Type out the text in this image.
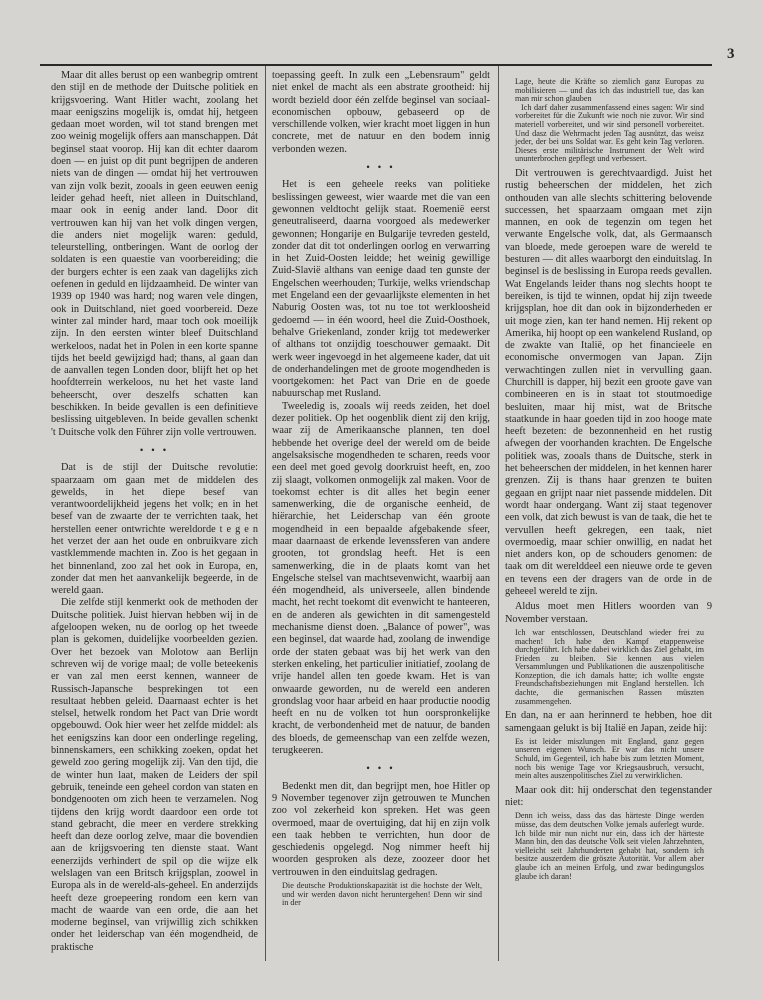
3

Maar dit alles berust op een wanbegrip omtrent den stijl en de methode der Duitsche politiek en krijgsvoering. Want Hitler wacht, zoolang het maar eenigszins mogelijk is, omdat hij, hetgeen gedaan moet worden, wil tot stand brengen met zoo weinig mogelijk offers aan manschappen. Dát beginsel staat voorop. Hij kan dit echter daarom doen — en juist op dit punt begrijpen de anderen niets van de dingen — omdat hij het vertrouwen van zijn volk bezit, zooals in geen eeuwen eenig leider gehad heeft, niet alleen in Duitschland, maar ook in eenig ander land. Door dit vertrouwen kan hij van het volk dingen vergen, die anders niet mogelijk waren: geduld, teleurstelling, ontberingen. Want de oorlog der soldaten is een quaestie van voorbereiding; die der burgers echter is een zaak van dagelijks zich oefenen in geduld en lijdzaamheid. De winter van 1939 op 1940 was hard; nog waren vele dingen, ook in Duitschland, niet goed voorbereid. Deze winter zal minder hard, maar toch ook moeilijk zijn. In den eersten winter bleef Duitschland werkeloos, nadat het in Polen in een korte spanne tijds het beeld gewijzigd had; thans, al gaan dan de aanvallen tegen Londen door, blijft het op het hoofdterrein werkeloos, nu het het vaste land beheerscht, over deszelfs schatten kan beschikken. In beide gevallen is een definitieve beslissing uitgebleven. In beide gevallen schenkt 't Duitsche volk den Führer zijn volle vertrouwen.

• • •

Dat is de stijl der Duitsche revolutie: spaarzaam om gaan met de middelen des gewelds, in het diepe besef van verantwoordelijkheid jegens het volk; en in het besef van de zwaarte der te verrichten taak, het herstellen eener ontwrichte wereldorde t e g e n het verzet der aan het oude en onbruikvare zich vastklemmende machten in. Zoo is het gegaan in het binnenland, zoo zal het ook in Europa, en, zonder dat men het aanvankelijk begeerde, in de wereld gaan.

Die zelfde stijl kenmerkt ook de methoden der Duitsche politiek. Juist hiervan hebben wij in de afgeloopen weken, nu de oorlog op het tweede plan is gekomen, duidelijke voorbeelden gezien. Over het bezoek van Molotow aan Berlijn schreven wij de vorige maal; de volle beteekenis er van zal men eerst kennen, wanneer de Russisch-Japansche besprekingen tot een resultaat hebben geleid. Daarnaast echter is het stelsel, hetwelk rondom het Pact van Drie wordt opgebouwd. Ook hier weer het zelfde middel: als het eenigszins kan door een onderlinge regeling, binnenskamers, een schikking zoeken, opdat het geweld zoo gering mogelijk zij. Van den tijd, die de winter hun laat, maken de Leiders der spil gebruik, teneinde een geheel cordon van staten en bondgenooten om zich heen te verzamelen. Nog tijdens den krijg wordt daardoor een orde tot stand gebracht, die meer en verdere strekking heeft dan deze oorlog zelve, maar die bovendien aan de krijgsvoering ten dienste staat. Want eenerzijds verhindert de spil op die wijze elk welslagen van een Britsch krijgsplan, zoowel in Europa als in de wereld-als-geheel. En anderzijds heeft deze groepeering rondom een kern van macht de waarde van een orde, die aan het moderne beginsel, van vrijwillig zich schikken onder het leiderschap van één mogendheid, de praktische

toepassing geeft. In zulk een „Lebensraum" geldt niet enkel de macht als een abstrate grootheid: hij wordt bezield door één zelfde beginsel van sociaal-economischen opbouw, gebaseerd op de verschillende volken, wier kracht moet liggen in hun concrete, met de natuur en den bodem innig verbonden wezen.

• • •

Het is een geheele reeks van politieke beslissingen geweest, wier waarde met die van een gewonnen veldtocht gelijk staat. Roemenië eerst geneutraliseerd, daarna voorgoed als medewerker gewonnen; Hongarije en Bulgarije tevreden gesteld, zonder dat dit tot onderlingen oorlog en verwarring in het Zuid-Oosten leidde; het weinig gewillige Zuid-Slavië althans van eenige daad ten gunste der Engelschen weerhouden; Turkije, welks vriendschap met Engeland een der gevaarlijkste elementen in het Naburig Oosten was, tot nu toe tot werkloosheid gedoemd — in één woord, heel die Zuid-Oosthoek, behalve Griekenland, zonder krijg tot medewerker of althans tot onzijdig toeschouwer gemaakt. Dit werk weer ingevoegd in het algemeene kader, dat uit de onderhandelingen met de groote mogendheden is voortgekomen: het Pact van Drie en de goede nabuurschap met Rusland.

Tweeledig is, zooals wij reeds zeiden, het doel dezer politiek. Op het oogenblik dient zij den krijg, waar zij de Amerikaansche plannen, ten doel hebbende het overige deel der wereld om de beide angelsaksische mogendheden te scharen, reeds voor een deel met goed gevolg doorkruist heeft, en, zoo zij slaagt, volkomen onmogelijk zal maken. Voor de toekomst echter is dit alles het begin eener samenwerking, die de organische eenheid, de hiërarchie, het Leiderschap van één groote mogendheid in een bepaalde afgebakende sfeer, maar daarnaast de erkende levenssferen van andere grooten, tot grondslag heeft. Het is een samenwerking, die in de plaats komt van het Engelsche stelsel van machtsevenwicht, waarbij aan één mogendheid, als universeele, allen bindende macht, het recht toekomt dit evenwicht te hanteeren, en de anderen als gewichten in dit samengesteld mechanisme dienst doen. „Balance of power", was een beginsel, dat waarde had, zoolang de inwendige orde der staten gebaat was bij het werk van den sterken enkeling, het particulier initiatief, zoolang de vrije handel allen ten goede kwam. Het is van onwaarde geworden, nu de wereld een anderen grondslag voor haar arbeid en haar productie noodig heeft en nu de volken tot hun oorspronkelijke kracht, de verbondenheid met de natuur, de banden des bloeds, de gemeenschap van een zelfde wezen, terugkeeren.

• • •

Bedenkt men dit, dan begrijpt men, hoe Hitler op 9 November tegenover zijn getrouwen te Munchen zoo vol zekerheid kon spreken. Het was geen overmoed, maar de overtuiging, dat hij en zijn volk een taak hebben te verrichten, hun door de geschiedenis opgelegd. Nog nimmer heeft hij woorden gesproken als deze, zoozeer door het vertrouwen in den einduitslag gedragen.

Die deutsche Produktionskapazität ist die hochste der Welt, und wir werden davon nicht heruntergehen! Denn wir sind in der

Lage, heute die Kräfte so ziemlich ganz Europas zu mobilisieren — und das ich das industriell tue, das kan man mir schon glauben

Ich darf daher zusammenfassend eines sagen: Wir sind vorbereitet für die Zukunft wie noch nie zuvor. Wir sind materiell vorbereitet, und wir sind personell vorbereitet. Und dasz die Wehrmacht jeden Tag ausnützt, das weisz jeder, der bei uns Soldat war. Es geht kein Tag verloren. Dieses erste militärische Instrument der Welt wird ununterbrochen gepflegt und verbessert.

Dit vertrouwen is gerechtvaardigd. Juist het rustig beheerschen der middelen, het zich onthouden van alle slechts schittering belovende successen, het spaarzaam omgaan met zijn mannen, en ook de tegenzin om tegen het verwante Engelsche volk, dat, als Germaansch van bloede, mede geroepen ware de wereld te besturen — dit alles waarborgt den einduitslag. In beginsel is de beslissing in Europa reeds gevallen. Wat Engelands leider thans nog slechts hoopt te bereiken, is tijd te winnen, opdat hij zijn tweede krijgsplan, hoe dit dan ook in bijzonderheden er uit moge zien, kan ter hand nemen. Hij rekent op Amerika, hij hoopt op een wankelend Rusland, op de zwakte van Italië, op het financieele en economische onvermogen van Japan. Zijn verwachtingen zullen niet in vervulling gaan. Churchill is dapper, hij bezit een groote gave van combineeren en is in staat tot stoutmoedige besluiten, maar hij mist, wat de Britsche staatkunde in haar goeden tijd in zoo hooge mate heeft bezeten: de bezonnenheid en het rustig afwegen der voorhanden krachten. De Engelsche politiek was, zooals thans de Duitsche, sterk in het beheerschen der middelen, in het kennen harer grenzen. Zij is thans haar grenzen te buiten gegaan en grijpt naar niet passende middelen. Dit wordt haar ondergang. Want zij staat tegenover een volk, dat zich bewust is van de taak, die het te vervullen heeft gekregen, een taak, niet overmoedig, maar schier onwillig, en nadat het niet anders kon, op de schouders genomen: de taak om dit werelddeel een nieuwe orde te geven en tevens een der dragers van de orde in de geheeel wereld te zijn.

Aldus moet men Hitlers woorden van 9 November verstaan.

Ich war entschlossen, Deutschland wieder frei zu machen! Ich habe den Kampf etappenweise durchgeführt. Ich habe dabei wirklich das Ziel gehabt, im Frieden zu bleiben. Sie kennen aus vielen Versammlungen und Publikationen die auszenpolitische Konzeption, die ich damals hatte; ich wollte engste Freundschaftsbeziehungen mit England herstellen. Ich dachte, die germanischen Rassen müszten zusammengehen.

En dan, na er aan herinnerd te hebben, hoe dit samengaan gelukt is bij Italië en Japan, zeide hij:

Es ist leider miszlungen mit England, ganz gegen unseren eigenen Wunsch. Er war das nicht unsere Schuld, im Gegenteil, ich habe bis zum letzten Moment, noch bis wenige Tage vor Kriegsausbruch, versucht, mein altes auszenpolitisches Ziel zu verwirklichen.

Maar ook dit: hij onderschat den tegenstander niet:

Denn ich weiss, dass das das härteste Dinge werden müsse, das dem deutschen Volke jemals auferlegt wurde. Ich bilde mir nun nicht nur ein, dass ich der härteste Mann bin, den das deutsche Volk seit vielen Jahrzehnten, vielleicht seit Jahrhunderten gehabt hat, sondern ich besitze auszerdem die gröszte Autorität. Vor allem aber glaube ich an meinen Erfolg, und zwar bedingungslos glaube ich daran!
